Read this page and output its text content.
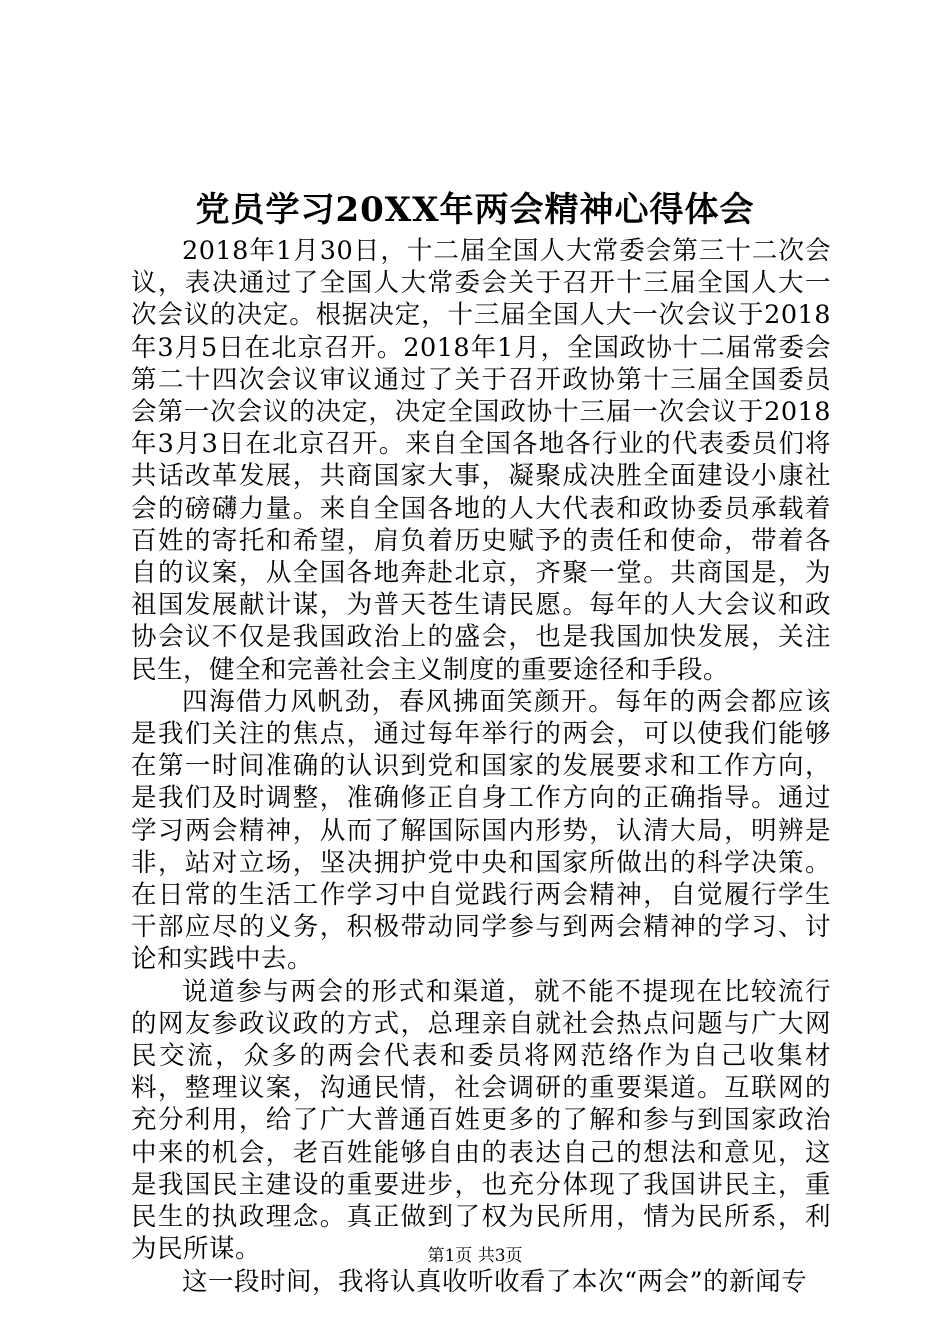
党员学习20XX年两会精神心得体会

2018年1月30日，十二届全国人大常委会第三十二次会议，表决通过了全国人大常委会关于召开十三届全国人大一次会议的决定。根据决定，十三届全国人大一次会议于2018年3月5日在北京召开。2018年1月，全国政协十二届常委会第二十四次会议审议通过了关于召开政协第十三届全国委员会第一次会议的决定，决定全国政协十三届一次会议于2018年3月3日在北京召开。来自全国各地各行业的代表委员们将共话改革发展，共商国家大事，凝聚成决胜全面建设小康社会的磅礴力量。来自全国各地的人大代表和政协委员承载着百姓的寄托和希望，肩负着历史赋予的责任和使命，带着各自的议案，从全国各地奔赴北京，齐聚一堂。共商国是，为祖国发展献计谋，为普天苍生请民愿。每年的人大会议和政协会议不仅是我国政治上的盛会，也是我国加快发展，关注民生，健全和完善社会主义制度的重要途径和手段。

四海借力风帆劲，春风拂面笑颜开。每年的两会都应该是我们关注的焦点，通过每年举行的两会，可以使我们能够在第一时间准确的认识到党和国家的发展要求和工作方向，是我们及时调整，准确修正自身工作方向的正确指导。通过学习两会精神，从而了解国际国内形势，认清大局，明辨是非，站对立场，坚决拥护党中央和国家所做出的科学决策。在日常的生活工作学习中自觉践行两会精神，自觉履行学生干部应尽的义务，积极带动同学参与到两会精神的学习、讨论和实践中去。

说道参与两会的形式和渠道，就不能不提现在比较流行的网友参政议政的方式，总理亲自就社会热点问题与广大网民交流，众多的两会代表和委员将网范络作为自己收集材料，整理议案，沟通民情，社会调研的重要渠道。互联网的充分利用，给了广大普通百姓更多的了解和参与到国家政治中来的机会，老百姓能够自由的表达自己的想法和意见，这是我国民主建设的重要进步，也充分体现了我国讲民主，重民生的执政理念。真正做到了权为民所用，情为民所系，利为民所谋。

这一段时间，我将认真收听收看了本次“两会”的新闻专

第1页 共3页
